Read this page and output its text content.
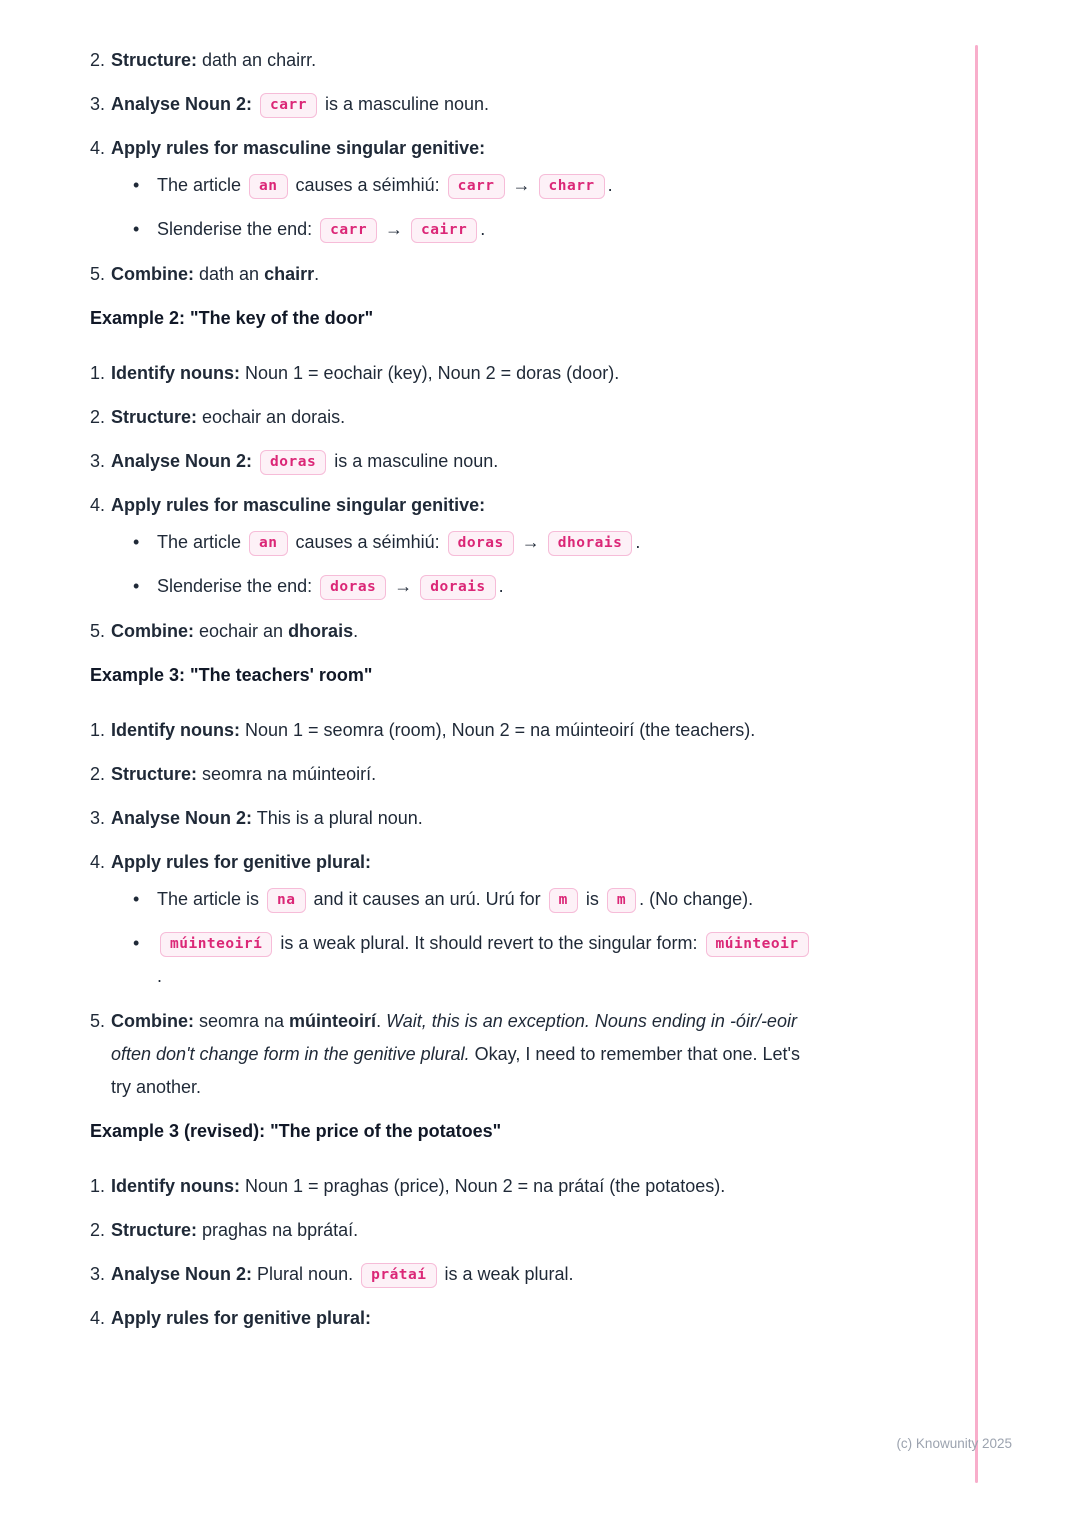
2. Structure: dath an chairr.
3. Analyse Noun 2: carr is a masculine noun.
4. Apply rules for masculine singular genitive:
• The article an causes a séimhiú: carr → charr .
• Slenderise the end: carr → cairr .
5. Combine: dath an chairr.
Example 2: "The key of the door"
1. Identify nouns: Noun 1 = eochair (key), Noun 2 = doras (door).
2. Structure: eochair an dorais.
3. Analyse Noun 2: doras is a masculine noun.
4. Apply rules for masculine singular genitive:
• The article an causes a séimhiú: doras → dhorais .
• Slenderise the end: doras → dorais .
5. Combine: eochair an dhorais.
Example 3: "The teachers' room"
1. Identify nouns: Noun 1 = seomra (room), Noun 2 = na múinteoirí (the teachers).
2. Structure: seomra na múinteoirí.
3. Analyse Noun 2: This is a plural noun.
4. Apply rules for genitive plural:
• The article is na and it causes an urú. Urú for m is m . (No change).
•	múinteoirí is a weak plural. It should revert to the singular form: múinteoir.
5. Combine: seomra na múinteoirí. Wait, this is an exception. Nouns ending in -óir/-eoir often don't change form in the genitive plural. Okay, I need to remember that one. Let's try another.
Example 3 (revised): "The price of the potatoes"
1. Identify nouns: Noun 1 = praghas (price), Noun 2 = na prátaí (the potatoes).
2. Structure: praghas na bprátaí.
3. Analyse Noun 2: Plural noun. prátaí is a weak plural.
4. Apply rules for genitive plural:
(c) Knowunity 2025
